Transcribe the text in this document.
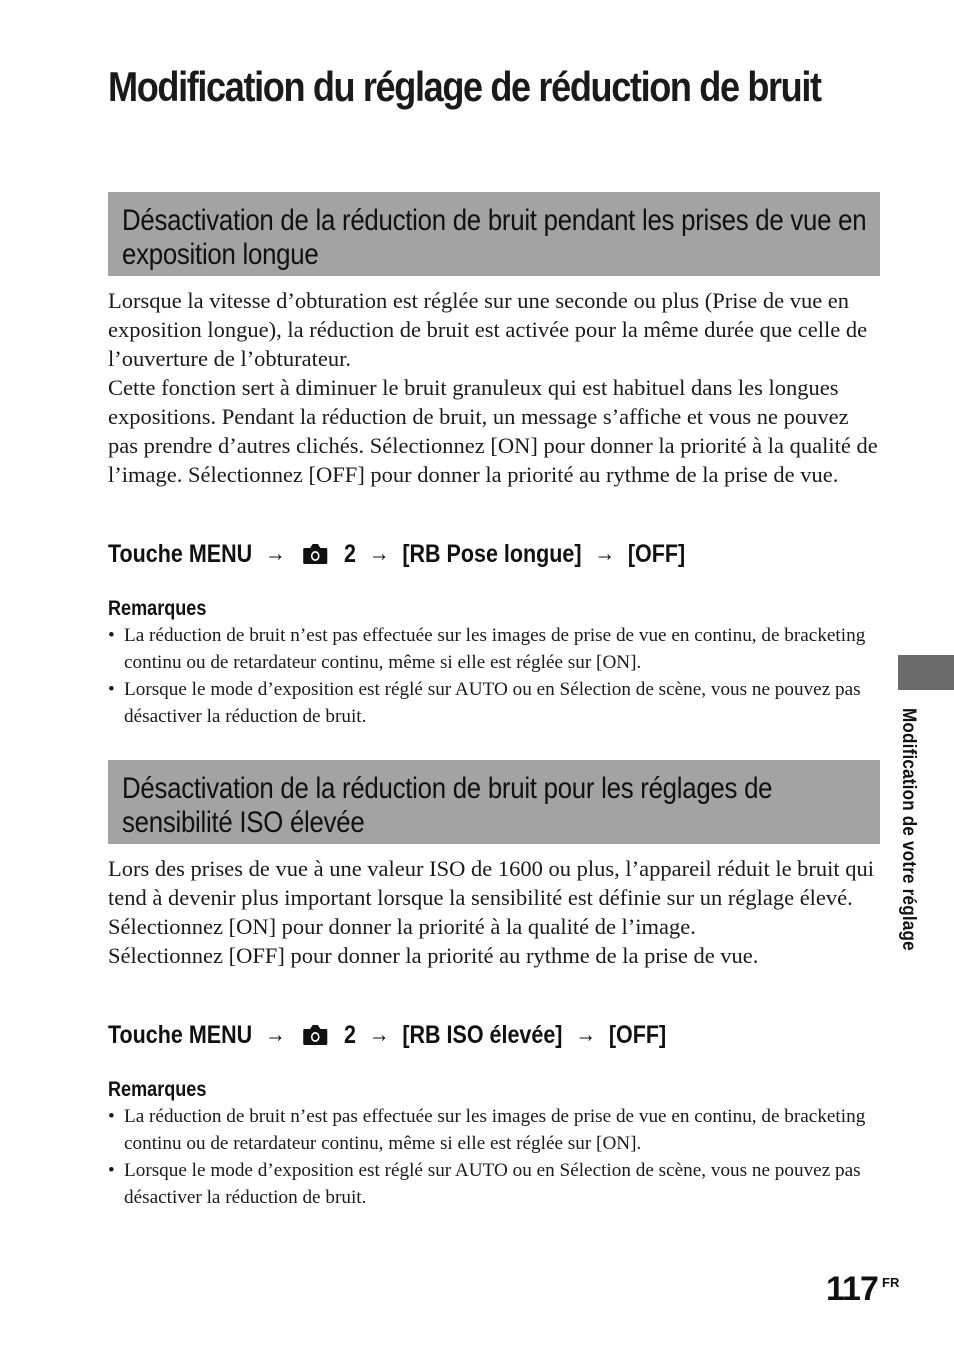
Modification du réglage de réduction de bruit
Désactivation de la réduction de bruit pendant les prises de vue en exposition longue

Lorsque la vitesse d’obturation est réglée sur une seconde ou plus (Prise de vue en exposition longue), la réduction de bruit est activée pour la même durée que celle de l’ouverture de l’obturateur.

Cette fonction sert à diminuer le bruit granuleux qui est habituel dans les longues expositions. Pendant la réduction de bruit, un message s’affiche et vous ne pouvez pas prendre d’autres clichés. Sélectionnez [ON] pour donner la priorité à la qualité de l’image. Sélectionnez [OFF] pour donner la priorité au rythme de la prise de vue.

Touche MENU → 2 → [RB Pose longue] → [OFF]
Remarques
• La réduction de bruit n’est pas effectuée sur les images de prise de vue en continu, de bracketing continu ou de retardateur continu, même si elle est réglée sur [ON].
• Lorsque le mode d’exposition est réglé sur AUTO ou en Sélection de scène, vous ne pouvez pas désactiver la réduction de bruit.
Désactivation de la réduction de bruit pour les réglages de sensibilité ISO élevée

Lors des prises de vue à une valeur ISO de 1600 ou plus, l’appareil réduit le bruit qui tend à devenir plus important lorsque la sensibilité est définie sur un réglage élevé.

Sélectionnez [ON] pour donner la priorité à la qualité de l’image.

Sélectionnez [OFF] pour donner la priorité au rythme de la prise de vue.

Touche MENU → 2 → [RB ISO élevée] → [OFF]
Remarques
• La réduction de bruit n’est pas effectuée sur les images de prise de vue en continu, de bracketing continu ou de retardateur continu, même si elle est réglée sur [ON].
• Lorsque le mode d’exposition est réglé sur AUTO ou en Sélection de scène, vous ne pouvez pas désactiver la réduction de bruit.
Modification de votre réglage
117 FR
